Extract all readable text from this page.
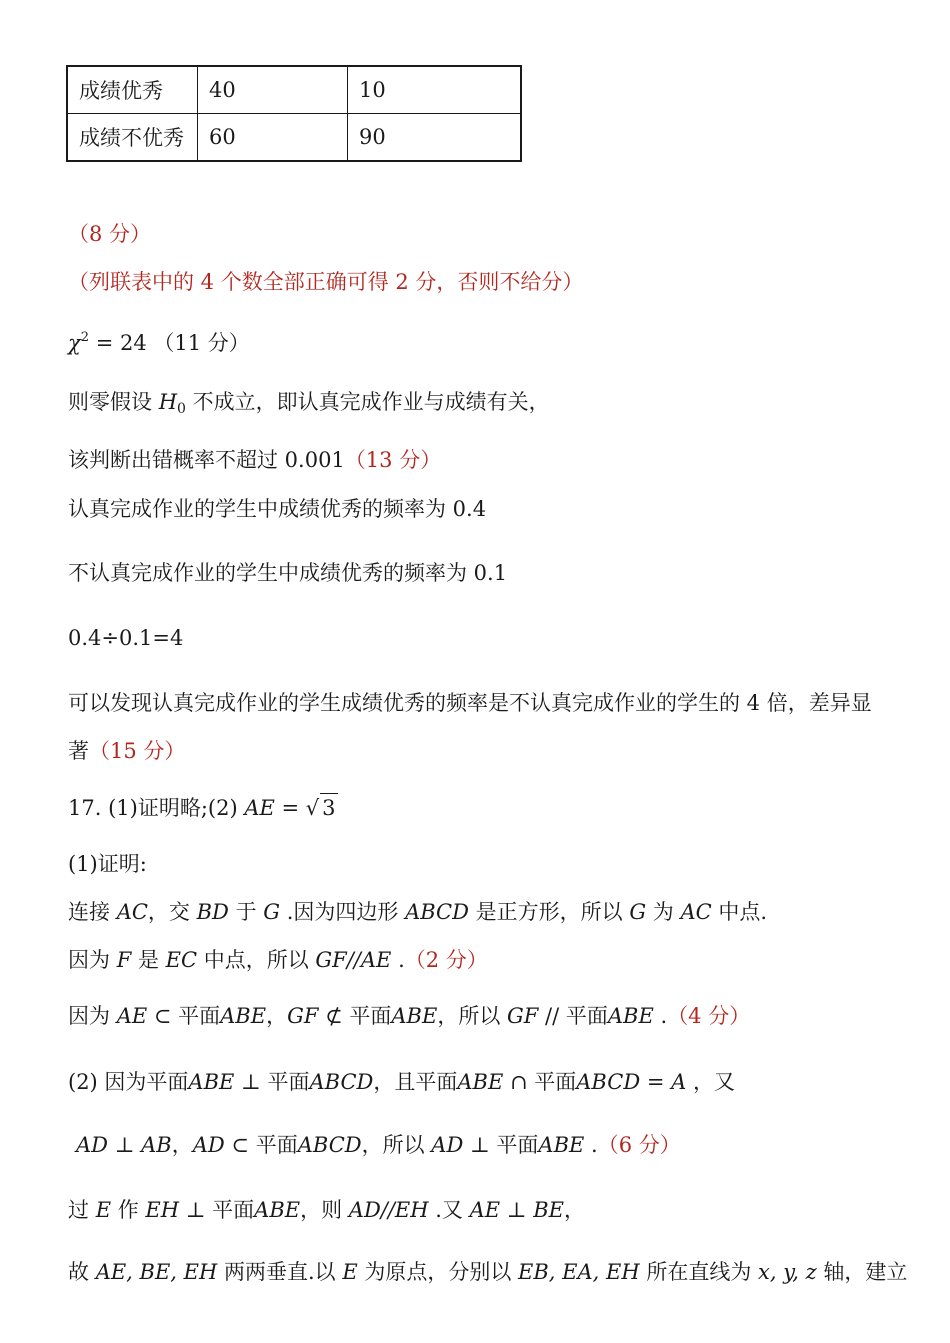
成绩优秀	40	10
成绩不优秀	60	90
（8 分）
（列联表中的 4 个数全部正确可得 2 分，否则不给分）
$\chi^2 = 24$ （11 分）
则零假设 $H_0$ 不成立，即认真完成作业与成绩有关，
该判断出错概率不超过 0.001（13 分）
认真完成作业的学生中成绩优秀的频率为 0.4
不认真完成作业的学生中成绩优秀的频率为 0.1
0.4÷0.1=4
可以发现认真完成作业的学生成绩优秀的频率是不认真完成作业的学生的 4 倍，差异显
著（15 分）
17. (1)证明略;(2) AE = √ 3
(1)证明:
连接 AC，交 BD 于 G .因为四边形 ABCD 是正方形，所以 G 为 AC 中点.
因为 F 是 EC 中点，所以 GF//AE .（2 分）
因为 AE ⊂ 平面ABE，GF ⊄ 平面ABE，所以 GF // 平面ABE .（4 分）
(2) 因为平面ABE ⊥ 平面ABCD，且平面ABE ∩ 平面ABCD = A ，又
AD ⊥ AB，AD ⊂ 平面ABCD，所以 AD ⊥ 平面ABE .（6 分）
过 E 作 EH ⊥ 平面ABE，则 AD//EH .又 AE ⊥ BE，
故 AE, BE, EH 两两垂直.以 E 为原点，分别以 EB, EA, EH 所在直线为 x, y, z 轴，建立
